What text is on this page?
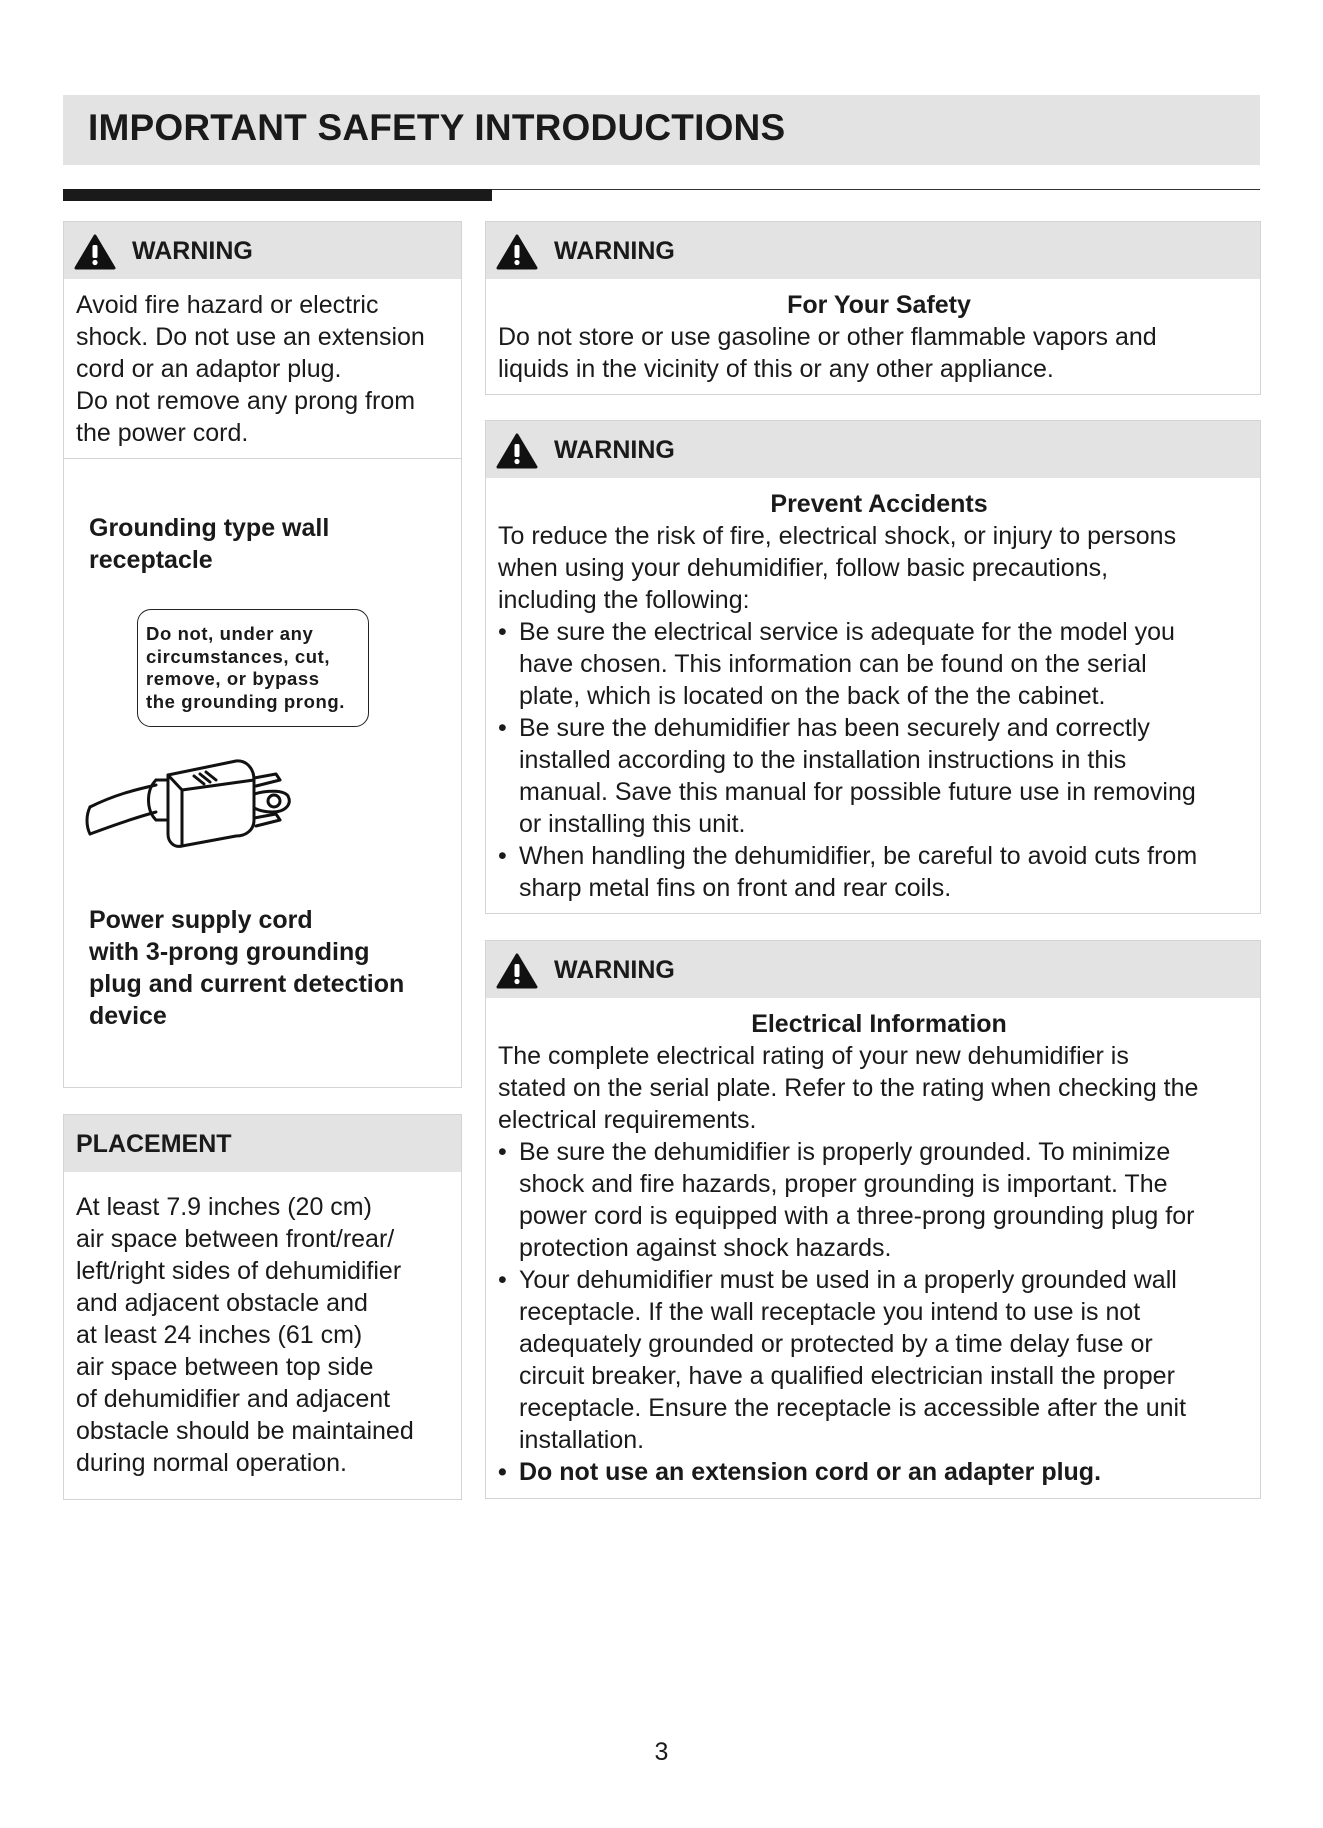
IMPORTANT SAFETY INTRODUCTIONS
WARNING
Avoid fire hazard or electric
shock. Do not use an extension
cord or an adaptor plug.
Do not remove any prong from
the power cord.
Grounding type wall
receptacle
Do not, under any
circumstances, cut,
remove, or bypass
the grounding prong.
Power supply cord
with 3-prong grounding
plug and current detection
device
PLACEMENT
At least 7.9 inches (20 cm)
air space between front/rear/
left/right sides of dehumidifier
and adjacent obstacle and
at least 24 inches (61 cm)
air space between top side
of dehumidifier and adjacent
obstacle should be maintained
during normal operation.
WARNING
For Your Safety
Do not store or use gasoline or other flammable vapors and
liquids in the vicinity of this or any other appliance.
WARNING
Prevent Accidents
To reduce the risk of fire, electrical shock, or injury to persons
when using your dehumidifier, follow basic precautions,
including the following:
• Be sure the electrical service is adequate for the model you
have chosen. This information can be found on the serial
plate, which is located on the back of the the cabinet.
• Be sure the dehumidifier has been securely and correctly
installed according to the installation instructions in this
manual. Save this manual for possible future use in removing
or installing this unit.
• When handling the dehumidifier, be careful to avoid cuts from
sharp metal fins on front and rear coils.
WARNING
Electrical Information
The complete electrical rating of your new dehumidifier is
stated on the serial plate. Refer to the rating when checking the
electrical requirements.
• Be sure the dehumidifier is properly grounded. To minimize
shock and fire hazards, proper grounding is important. The
power cord is equipped with a three-prong grounding plug for
protection against shock hazards.
• Your dehumidifier must be used in a properly grounded wall
receptacle. If the wall receptacle you intend to use is not
adequately grounded or protected by a time delay fuse or
circuit breaker, have a qualified electrician install the proper
receptacle. Ensure the receptacle is accessible after the unit
installation.
• Do not use an extension cord or an adapter plug.
3
